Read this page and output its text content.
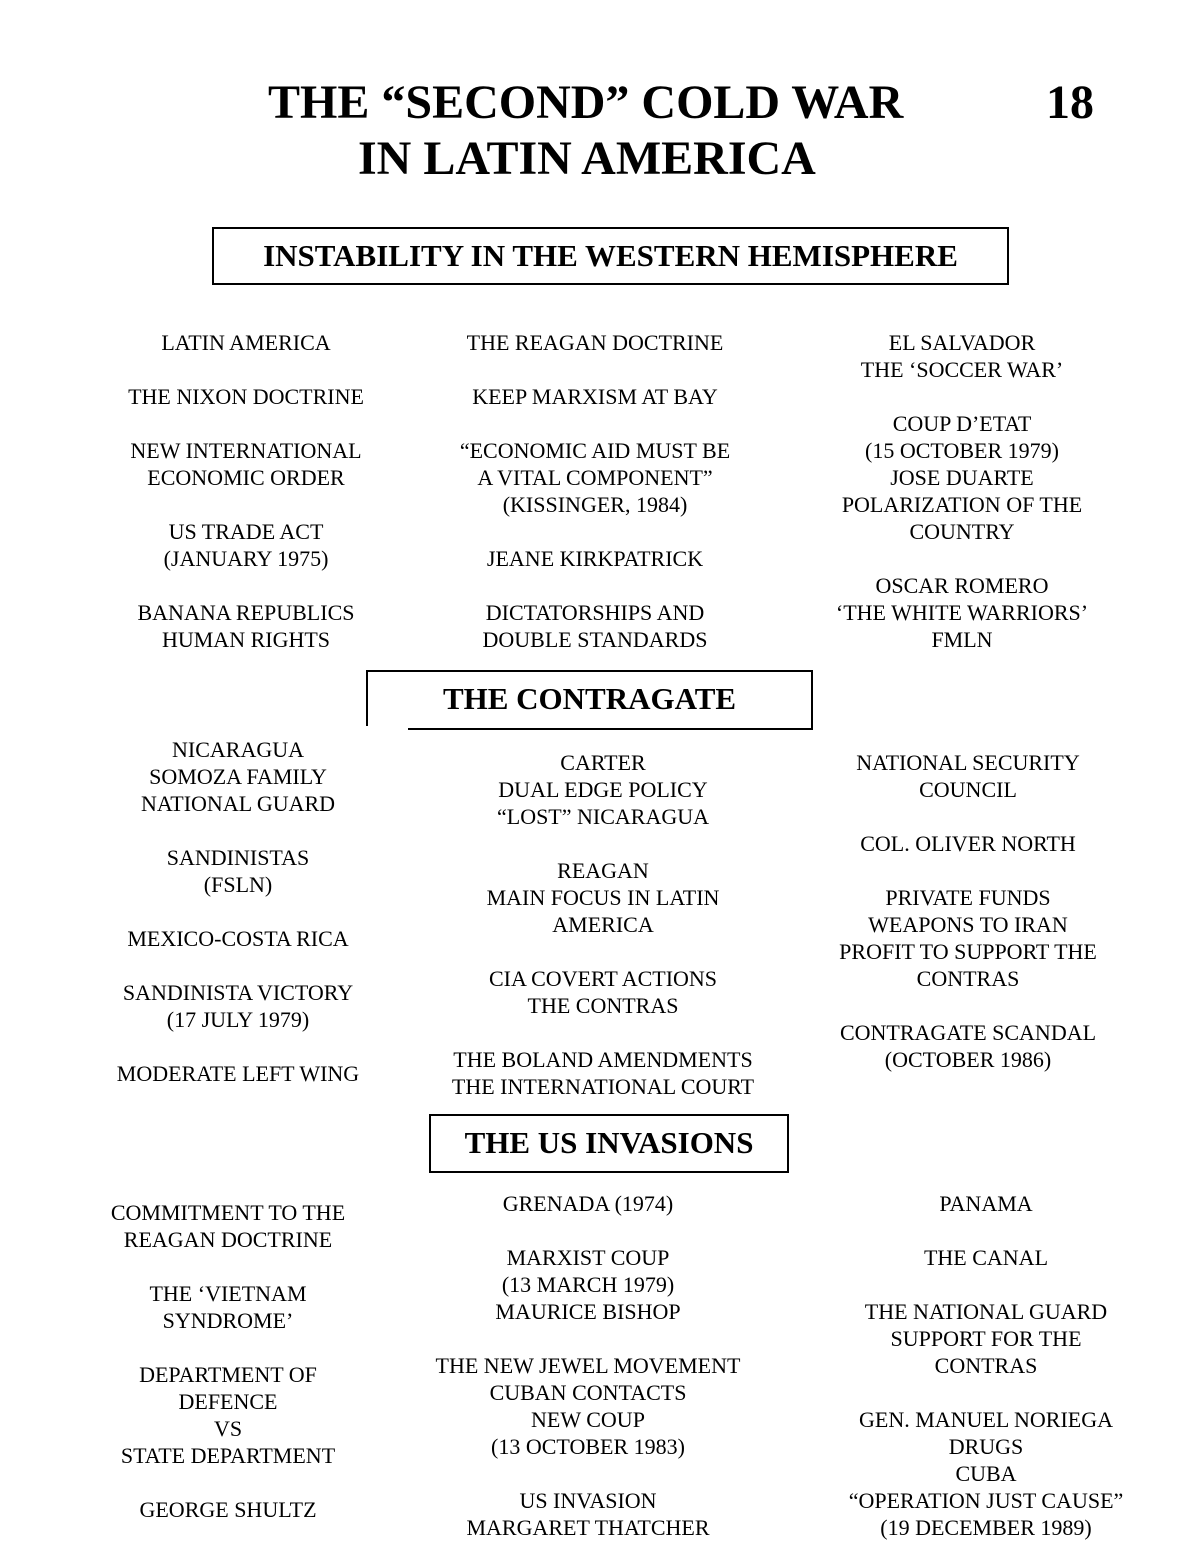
THE “SECOND” COLD WAR
IN LATIN AMERICA
18
INSTABILITY IN THE WESTERN HEMISPHERE
THE CONTRAGATE
THE US INVASIONS
LATIN AMERICA
THE NIXON DOCTRINE
NEW INTERNATIONAL
ECONOMIC ORDER
US TRADE ACT
(JANUARY 1975)
BANANA REPUBLICS
HUMAN RIGHTS
THE REAGAN DOCTRINE
KEEP MARXISM AT BAY
“ECONOMIC AID MUST BE
A VITAL COMPONENT”
(KISSINGER, 1984)
JEANE KIRKPATRICK
DICTATORSHIPS AND
DOUBLE STANDARDS
EL SALVADOR
THE ‘SOCCER WAR’
COUP D’ETAT
(15 OCTOBER 1979)
JOSE DUARTE
POLARIZATION OF THE
COUNTRY
OSCAR ROMERO
‘THE WHITE WARRIORS’
FMLN
NICARAGUA
SOMOZA FAMILY
NATIONAL GUARD
SANDINISTAS
(FSLN)
MEXICO-COSTA RICA
SANDINISTA VICTORY
(17 JULY 1979)
MODERATE LEFT WING
CARTER
DUAL EDGE POLICY
“LOST” NICARAGUA
REAGAN
MAIN FOCUS IN LATIN
AMERICA
CIA COVERT ACTIONS
THE CONTRAS
THE BOLAND AMENDMENTS
THE INTERNATIONAL COURT
NATIONAL SECURITY
COUNCIL
COL. OLIVER NORTH
PRIVATE FUNDS
WEAPONS TO IRAN
PROFIT TO SUPPORT THE
CONTRAS
CONTRAGATE SCANDAL
(OCTOBER 1986)
COMMITMENT TO THE
REAGAN DOCTRINE
THE ‘VIETNAM
SYNDROME’
DEPARTMENT OF
DEFENCE
VS
STATE DEPARTMENT
GEORGE SHULTZ
GRENADA (1974)
MARXIST COUP
(13 MARCH 1979)
MAURICE BISHOP
THE NEW JEWEL MOVEMENT
CUBAN CONTACTS
NEW COUP
(13 OCTOBER 1983)
US INVASION
MARGARET THATCHER
PANAMA
THE CANAL
THE NATIONAL GUARD
SUPPORT FOR THE
CONTRAS
GEN. MANUEL NORIEGA
DRUGS
CUBA
“OPERATION JUST CAUSE”
(19 DECEMBER 1989)
